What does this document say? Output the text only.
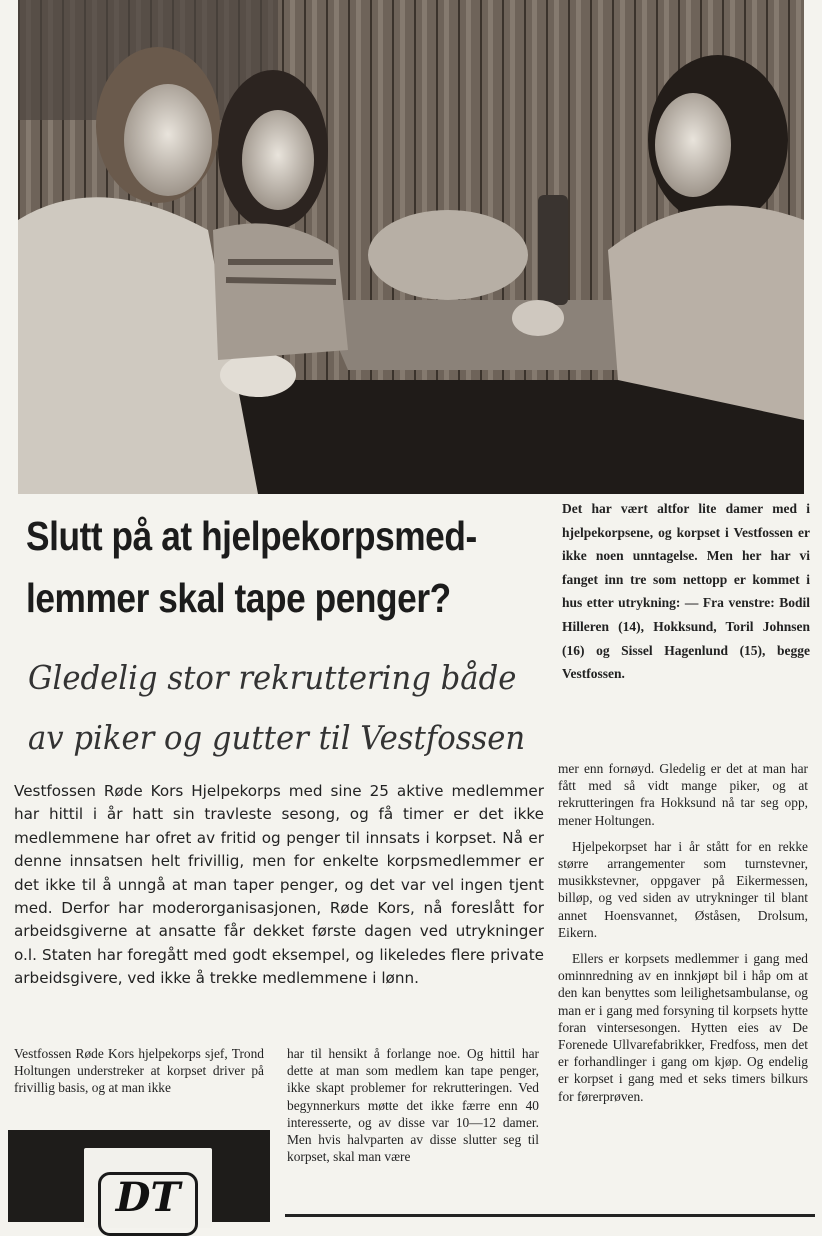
Slutt på at hjelpekorpsmed-lemmer skal tape penger?
Gledelig stor rekruttering både av piker og gutter til Vestfossen

Det har vært altfor lite damer med i hjelpekorpsene, og korpset i Vestfossen er ikke noen unntagelse. Men her har vi fanget inn tre som nettopp er kommet i hus etter utrykning: — Fra venstre: Bodil Hilleren (14), Hokksund, Toril Johnsen (16) og Sissel Hagenlund (15), begge Vestfossen.

Vestfossen Røde Kors Hjelpekorps med sine 25 aktive medlemmer har hittil i år hatt sin travleste sesong, og få timer er det ikke medlemmene har ofret av fritid og penger til innsats i korpset. Nå er denne innsatsen helt frivillig, men for enkelte korpsmedlemmer er det ikke til å unngå at man taper penger, og det var vel ingen tjent med. Derfor har moderorganisasjonen, Røde Kors, nå foreslått for arbeidsgiverne at ansatte får dekket første dagen ved utrykninger o.l. Staten har foregått med godt eksempel, og likeledes flere private arbeidsgivere, ved ikke å trekke medlemmene i lønn.

Vestfossen Røde Kors hjelpekorps sjef, Trond Holtungen understreker at korpset driver på frivillig basis, og at man ikke

har til hensikt å forlange noe. Og hittil har dette at man som medlem kan tape penger, ikke skapt problemer for rekrutteringen. Ved begynnerkurs møtte det ikke færre enn 40 interesserte, og av disse var 10—12 damer. Men hvis halvparten av disse slutter seg til korpset, skal man være

mer enn fornøyd. Gledelig er det at man har fått med så vidt mange piker, og at rekrutteringen fra Hokksund nå tar seg opp, mener Holtungen.

Hjelpekorpset har i år stått for en rekke større arrangementer som turnstevner, musikkstevner, oppgaver på Eikermessen, billøp, og ved siden av utrykninger til blant annet Hoensvannet, Øståsen, Drolsum, Eikern.

Ellers er korpsets medlemmer i gang med ominnredning av en innkjøpt bil i håp om at den kan benyttes som leilighetsambulanse, og man er i gang med forsyning til korpsets hytte foran vintersesongen. Hytten eies av De Forenede Ullvarefabrikker, Fredfoss, men det er forhandlinger i gang om kjøp. Og endelig er korpset i gang med et seks timers bilkurs for førerprøven.

DT
